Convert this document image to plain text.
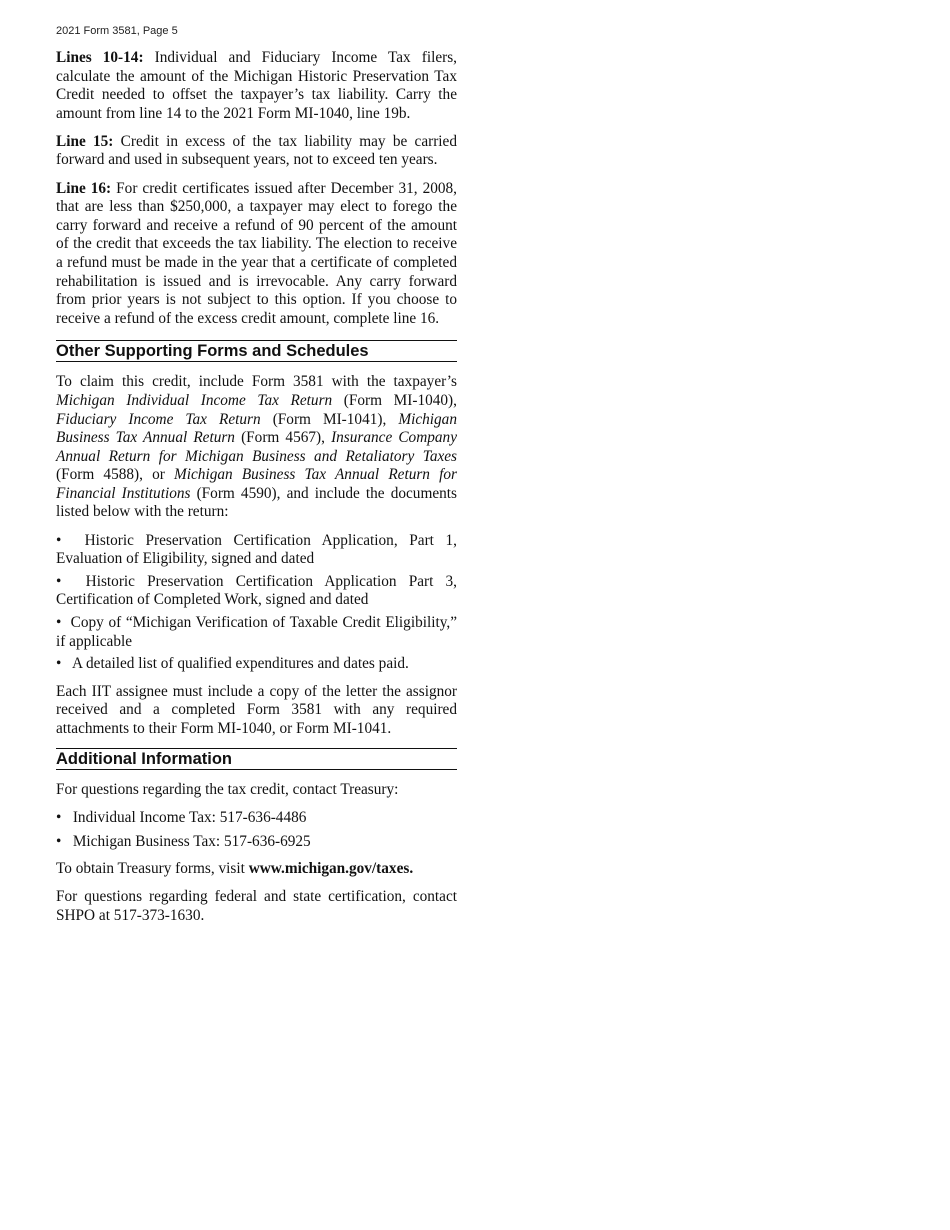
2021 Form 3581, Page 5

Lines 10-14: Individual and Fiduciary Income Tax filers, calculate the amount of the Michigan Historic Preservation Tax Credit needed to offset the taxpayer’s tax liability. Carry the amount from line 14 to the 2021 Form MI-1040, line 19b.

Line 15: Credit in excess of the tax liability may be carried forward and used in subsequent years, not to exceed ten years.

Line 16: For credit certificates issued after December 31, 2008, that are less than $250,000, a taxpayer may elect to forego the carry forward and receive a refund of 90 percent of the amount of the credit that exceeds the tax liability. The election to receive a refund must be made in the year that a certificate of completed rehabilitation is issued and is irrevocable. Any carry forward from prior years is not subject to this option. If you choose to receive a refund of the excess credit amount, complete line 16.

Other Supporting Forms and Schedules

To claim this credit, include Form 3581 with the taxpayer’s Michigan Individual Income Tax Return (Form MI-1040), Fiduciary Income Tax Return (Form MI-1041), Michigan Business Tax Annual Return (Form 4567), Insurance Company Annual Return for Michigan Business and Retaliatory Taxes (Form 4588), or Michigan Business Tax Annual Return for Financial Institutions (Form 4590), and include the documents listed below with the return:

•  Historic Preservation Certification Application, Part 1, Evaluation of Eligibility, signed and dated
•  Historic Preservation Certification Application Part 3, Certification of Completed Work, signed and dated
•  Copy of “Michigan Verification of Taxable Credit Eligibility,” if applicable
•   A detailed list of qualified expenditures and dates paid.

Each IIT assignee must include a copy of the letter the assignor received and a completed Form 3581 with any required attachments to their Form MI-1040, or Form MI-1041.

Additional Information

For questions regarding the tax credit, contact Treasury:

•   Individual Income Tax: 517-636-4486
•   Michigan Business Tax: 517-636-6925

To obtain Treasury forms, visit www.michigan.gov/taxes.

For questions regarding federal and state certification, contact SHPO at 517-373-1630.
